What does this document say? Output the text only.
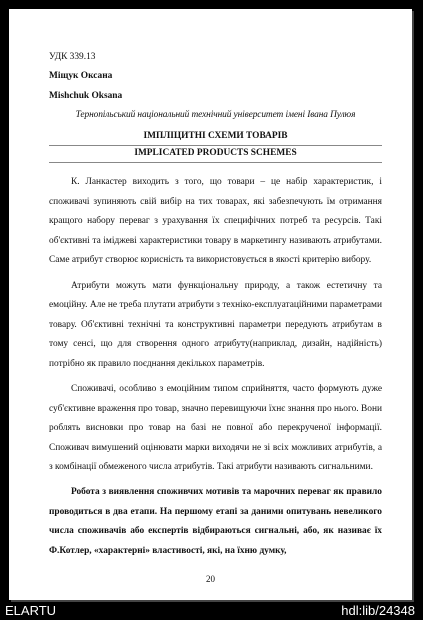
УДК 339.13

Міщук Оксана

Mishchuk Oksana

Тернопільський національний технічний університет імені Івана Пулюя

ІМПЛІЦИТНІ СХЕМИ ТОВАРІВ

IMPLICATED PRODUCTS SCHEMES

К. Ланкастер виходить з того, що товари – це набір характеристик, і споживачі зупиняють свій вибір на тих товарах, які забезпечують їм отримання кращого набору переваг з урахування їх специфічних потреб та ресурсів. Такі об'єктивні та іміджеві характеристики товару в маркетингу називають атрибутами. Саме атрибут створює корисність та використовується в якості критерію вибору.

Атрибути можуть мати функціональну природу, а також естетичну та емоційну. Але не треба плутати атрибути з техніко-експлуатаційними параметрами товару. Об'єктивні технічні та конструктивні параметри передують атрибутам в тому сенсі, що для створення одного атрибуту(наприклад, дизайн, надійність) потрібно як правило поєднання декількох параметрів.

Споживачі, особливо з емоційним типом сприйняття, часто формують дуже суб'єктивне враження про товар, значно перевищуючи їхнє знання про нього. Вони роблять висновки про товар на базі не повної або перекрученої інформації. Споживач вимушений оцінювати марки виходячи не зі всіх можливих атрибутів, а з комбінації обмеженого числа атрибутів. Такі атрибути називають сигнальними.

Робота з виявлення споживчих мотивів та марочних переваг як правило проводиться в два етапи. На першому етапі за даними опитувань невеликого числа споживачів або експертів відбираються сигнальні, або, як називає їх Ф.Котлер, «характерні» властивості, які, на їхню думку,

20
ELARTU	hdl:lib/24348
